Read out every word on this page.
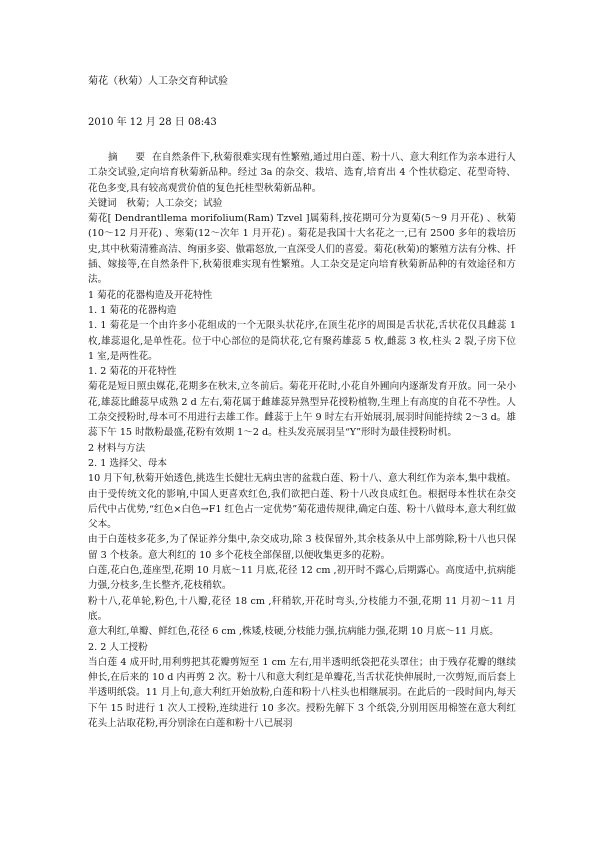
菊花（秋菊）人工杂交育种试验
2010 年 12 月 28 日 08:43

摘　要 在自然条件下,秋菊很难实现有性繁殖,通过用白莲、粉十八、意大利红作为亲本进行人工杂交试验,定向培育秋菊新品种。经过 3a 的杂交、栽培、选育,培育出 4 个性状稳定、花型奇特、花色多变,具有较高观赏价值的复色托桂型秋菊新品种。

关键词　秋菊；人工杂交；试验

菊花[ Dendrantllema morifolium(Ram) Tzvel ]属菊科,按花期可分为夏菊(5～9 月开花) 、秋菊(10～12 月开花) 、寒菊(12～次年 1 月开花) 。菊花是我国十大名花之一,已有 2500 多年的栽培历史,其中秋菊清雅高洁、绚丽多姿、傲霜怒放,一直深受人们的喜爱。菊花(秋菊)的繁殖方法有分株、扦插、嫁接等,在自然条件下,秋菊很难实现有性繁殖。人工杂交是定向培育秋菊新品种的有效途径和方法。

1 菊花的花器构造及开花特性

1. 1 菊花的花器构造

1. 1 菊花是一个由许多小花组成的一个无限头状花序,在顶生花序的周围是舌状花,舌状花仅具雌蕊 1 枚,雄蕊退化,是单性花。位于中心部位的是筒状花,它有聚药雄蕊 5 枚,雌蕊 3 枚,柱头 2 裂,子房下位 1 室,是两性花。

1. 2 菊花的开花特性

菊花是短日照虫媒花,花期多在秋末,立冬前后。菊花开花时,小花自外圃向内逐渐发育开放。同一朵小花,雄蕊比雌蕊早成熟 2 d 左右,菊花属于雌雄蕊异熟型异花授粉植物,生理上有高度的自花不孕性。人工杂交授粉时,母本可不用进行去雄工作。雌蕊于上午 9 时左右开始展羽,展羽时间能持续 2～3 d。雄蕊下午 15 时散粉最盛,花粉有效期 1～2 d。柱头发亮展羽呈“Y”形时为最佳授粉时机。

2 材料与方法

2. 1 选择父、母本

10 月下旬,秋菊开始透色,挑选生长健壮无病虫害的盆栽白莲、粉十八、意大利红作为亲本,集中栽植。由于受传统文化的影响,中国人更喜欢红色,我们欲把白莲、粉十八改良成红色。根据母本性状在杂交后代中占优势,“红色×白色→F1 红色占一定优势”菊花遗传规律,确定白莲、粉十八做母本,意大利红做父本。

由于白莲枝多花多,为了保证养分集中,杂交成功,除 3 枝保留外,其余枝条从中上部剪除,粉十八也只保留 3 个枝条。意大利红的 10 多个花枝全部保留,以便收集更多的花粉。

白莲,花白色,莲座型,花期 10 月底～11 月底,花径 12 cm ,初开时不露心,后期露心。高度适中,抗病能力强,分枝多,生长整齐,花枝稍软。

粉十八,花单轮,粉色,十八瓣,花径 18 cm ,秆稍软,开花时弯头,分枝能力不强,花期 11 月初～11 月底。

意大利红,单瓣、鲜红色,花径 6 cm ,株矮,枝硬,分枝能力强,抗病能力强,花期 10 月底～11 月底。

2. 2 人工授粉

当白莲 4 成开时,用利剪把其花瓣剪短至 1 cm 左右,用半透明纸袋把花头罩住；由于残存花瓣的继续伸长,在后来的 10 d 内再剪 2 次。粉十八和意大利红是单瓣花,当舌状花快伸展时,一次剪短,而后套上半透明纸袋。11 月上旬,意大利红开始放粉,白莲和粉十八柱头也相继展羽。在此后的一段时间内,每天下午 15 时进行 1 次人工授粉,连续进行 10 多次。授粉先解下 3 个纸袋,分别用医用棉签在意大利红花头上沾取花粉,再分别涂在白莲和粉十八已展羽
